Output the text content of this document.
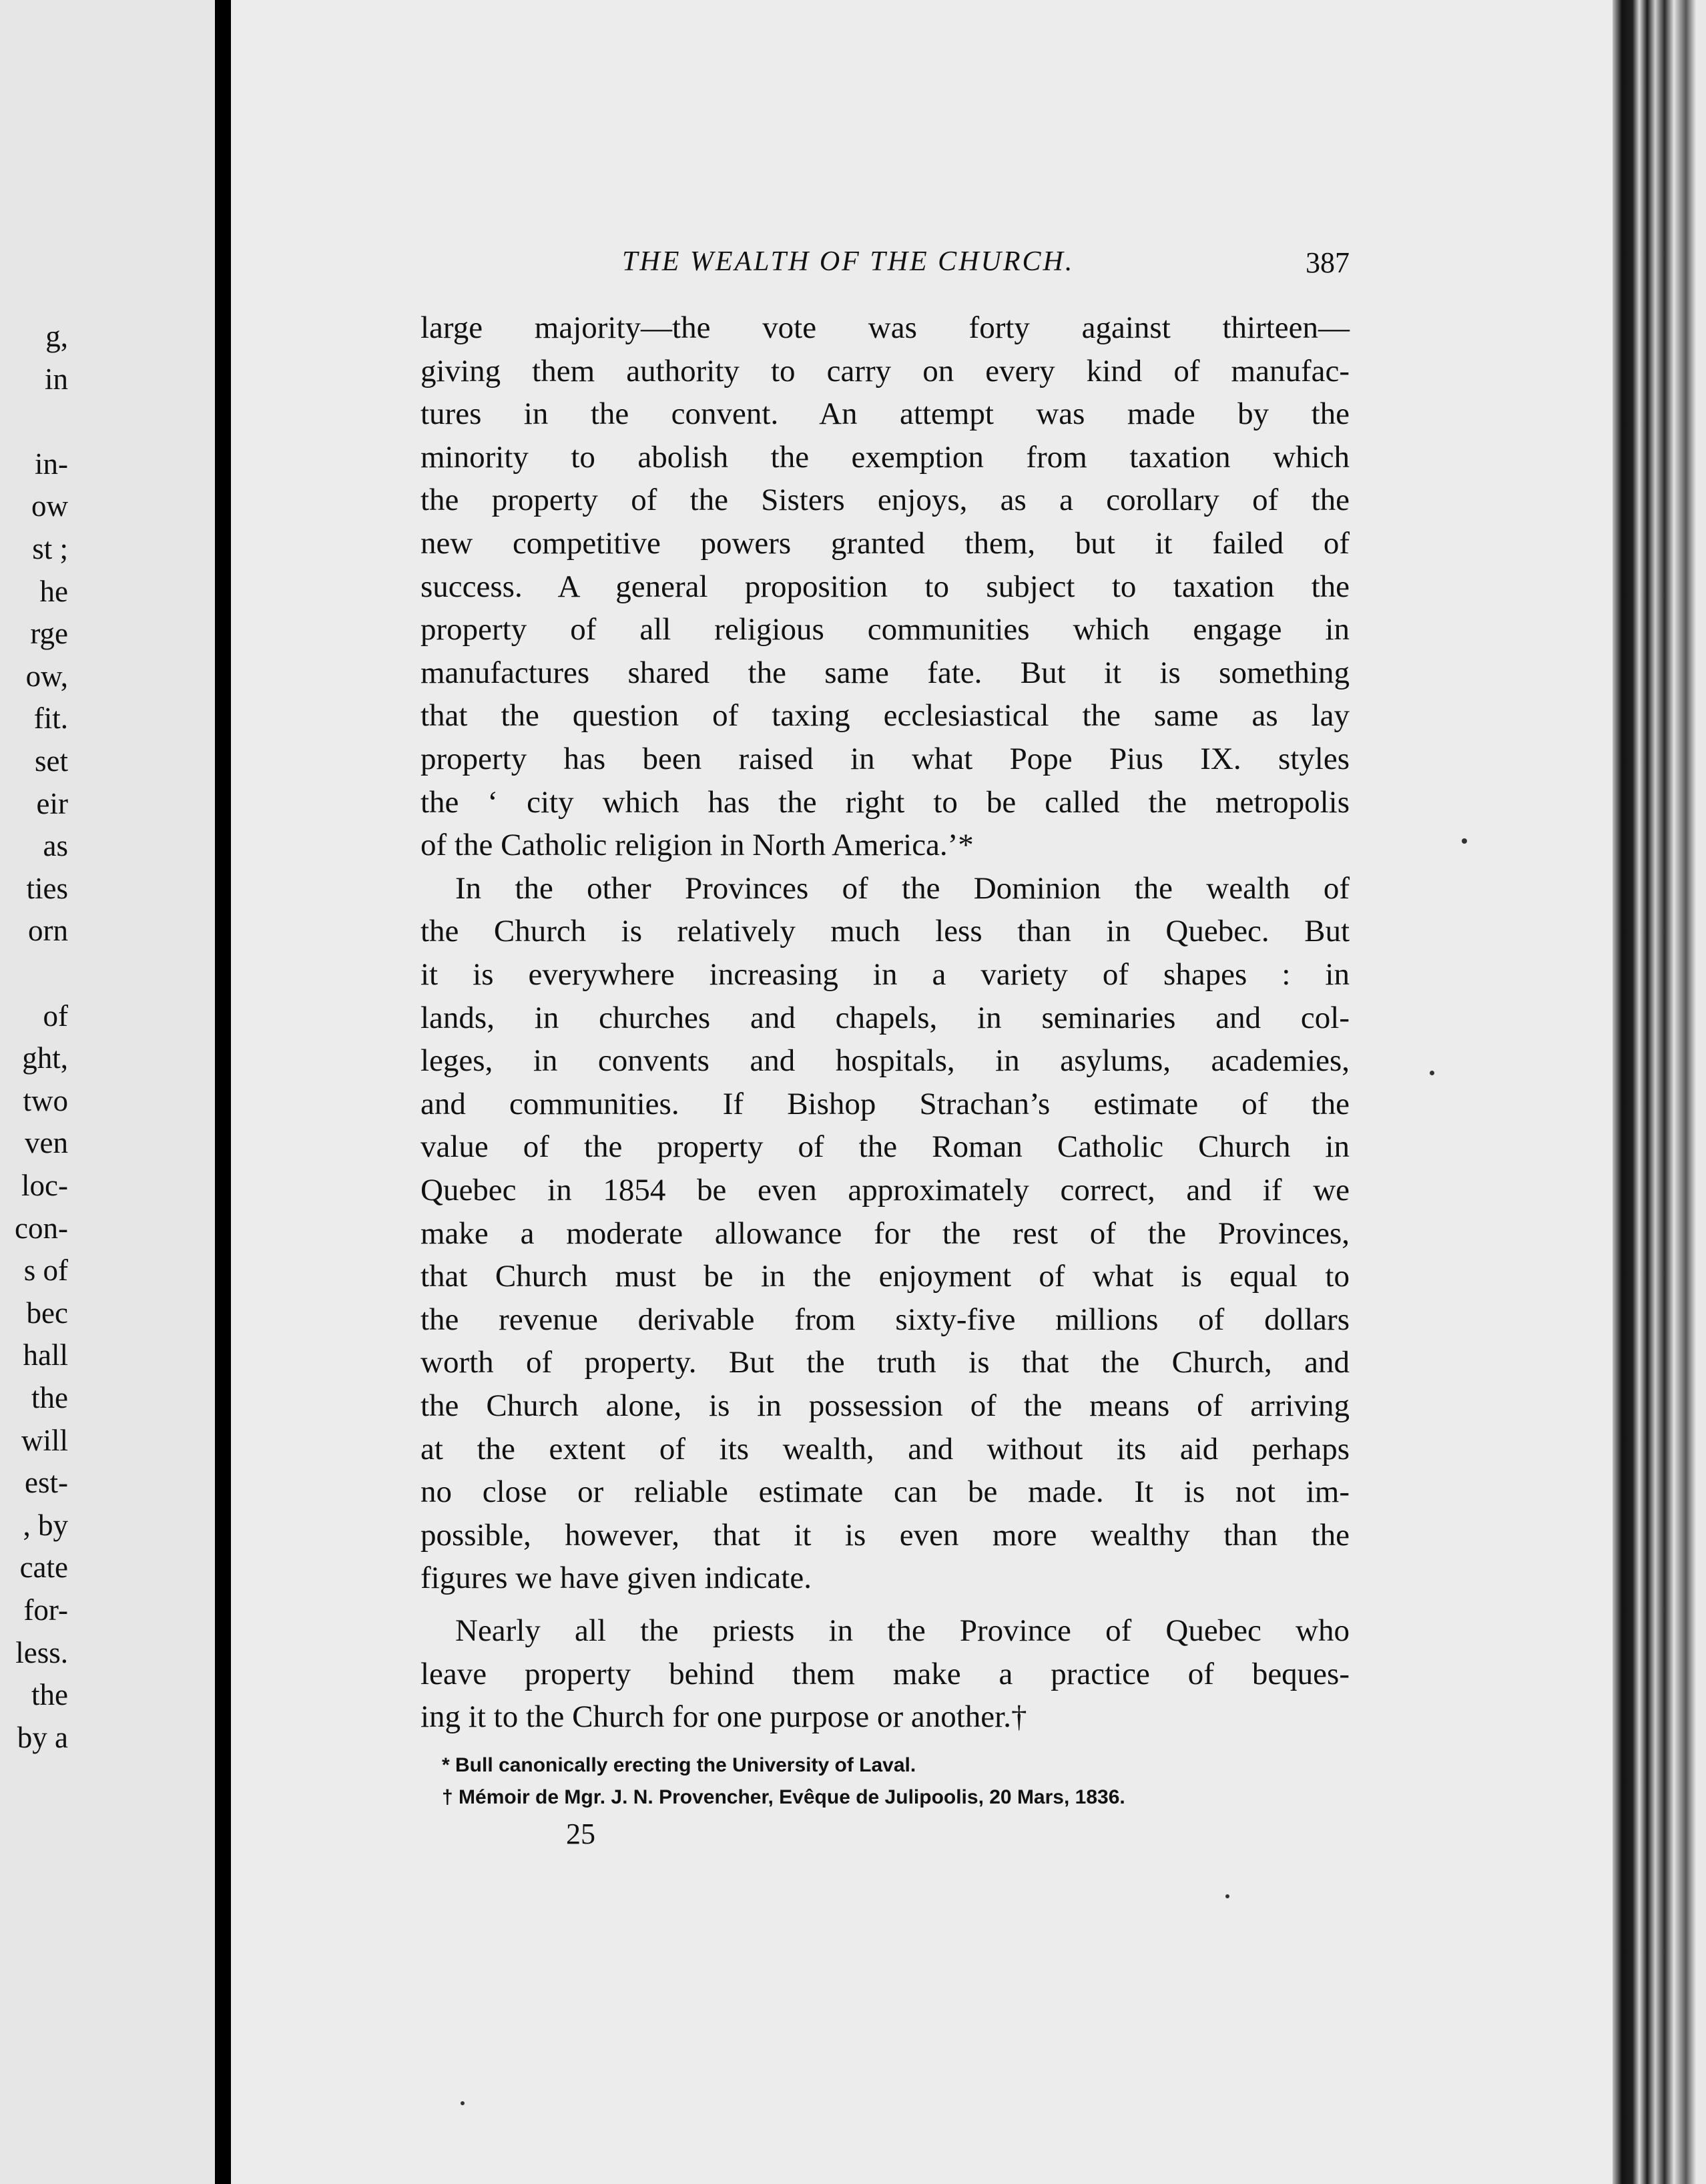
g,
in
in-
ow
st ;
he
rge
ow,
fit.
set
eir
as
ties
orn
of
ght,
two
ven
loc-
con-
s of
bec
hall
the
will
est-
, by
cate
for-
less.
the
by a
THE WEALTH OF THE CHURCH.	387
large majority—the vote was forty against thirteen—
giving them authority to carry on every kind of manufac-
tures in the convent. An attempt was made by the
minority to abolish the exemption from taxation which
the property of the Sisters enjoys, as a corollary of the
new competitive powers granted them, but it failed of
success. A general proposition to subject to taxation the
property of all religious communities which engage in
manufactures shared the same fate. But it is something
that the question of taxing ecclesiastical the same as lay
property has been raised in what Pope Pius IX. styles
the ‘ city which has the right to be called the metropolis
of the Catholic religion in North America.’*
In the other Provinces of the Dominion the wealth of
the Church is relatively much less than in Quebec. But
it is everywhere increasing in a variety of shapes : in
lands, in churches and chapels, in seminaries and col-
leges, in convents and hospitals, in asylums, academies,
and communities. If Bishop Strachan’s estimate of the
value of the property of the Roman Catholic Church in
Quebec in 1854 be even approximately correct, and if we
make a moderate allowance for the rest of the Provinces,
that Church must be in the enjoyment of what is equal to
the revenue derivable from sixty-five millions of dollars
worth of property. But the truth is that the Church, and
the Church alone, is in possession of the means of arriving
at the extent of its wealth, and without its aid perhaps
no close or reliable estimate can be made. It is not im-
possible, however, that it is even more wealthy than the
figures we have given indicate.
Nearly all the priests in the Province of Quebec who
leave property behind them make a practice of beques-
ing it to the Church for one purpose or another.†
* Bull canonically erecting the University of Laval.
† Mémoir de Mgr. J. N. Provencher, Evêque de Julipoolis, 20 Mars, 1836.
25
